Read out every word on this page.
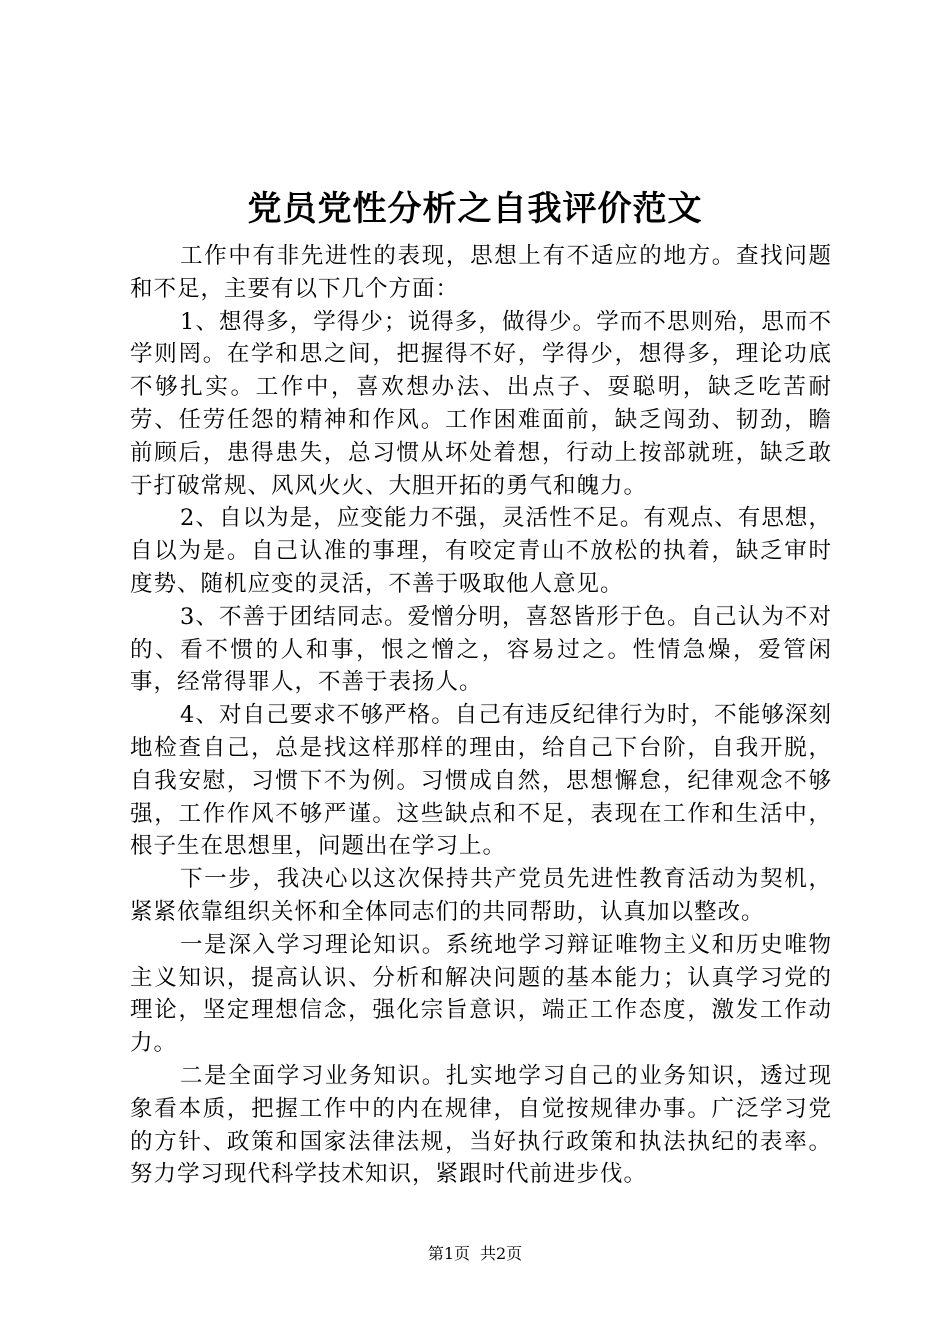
党员党性分析之自我评价范文

工作中有非先进性的表现，思想上有不适应的地方。查找问题和不足，主要有以下几个方面：

1、想得多，学得少；说得多，做得少。学而不思则殆，思而不学则罔。在学和思之间，把握得不好，学得少，想得多，理论功底不够扎实。工作中，喜欢想办法、出点子、耍聪明，缺乏吃苦耐劳、任劳任怨的精神和作风。工作困难面前，缺乏闯劲、韧劲，瞻前顾后，患得患失，总习惯从坏处着想，行动上按部就班，缺乏敢于打破常规、风风火火、大胆开拓的勇气和魄力。

2、自以为是，应变能力不强，灵活性不足。有观点、有思想，自以为是。自己认准的事理，有咬定青山不放松的执着，缺乏审时度势、随机应变的灵活，不善于吸取他人意见。

3、不善于团结同志。爱憎分明，喜怒皆形于色。自己认为不对的、看不惯的人和事，恨之憎之，容易过之。性情急燥，爱管闲事，经常得罪人，不善于表扬人。

4、对自己要求不够严格。自己有违反纪律行为时，不能够深刻地检查自己，总是找这样那样的理由，给自己下台阶，自我开脱，自我安慰，习惯下不为例。习惯成自然，思想懈怠，纪律观念不够强，工作作风不够严谨。这些缺点和不足，表现在工作和生活中，根子生在思想里，问题出在学习上。

下一步，我决心以这次保持共产党员先进性教育活动为契机，紧紧依靠组织关怀和全体同志们的共同帮助，认真加以整改。

一是深入学习理论知识。系统地学习辩证唯物主义和历史唯物主义知识，提高认识、分析和解决问题的基本能力；认真学习党的理论，坚定理想信念，强化宗旨意识，端正工作态度，激发工作动力。

二是全面学习业务知识。扎实地学习自己的业务知识，透过现象看本质，把握工作中的内在规律，自觉按规律办事。广泛学习党的方针、政策和国家法律法规，当好执行政策和执法执纪的表率。努力学习现代科学技术知识，紧跟时代前进步伐。

第1页 共2页
